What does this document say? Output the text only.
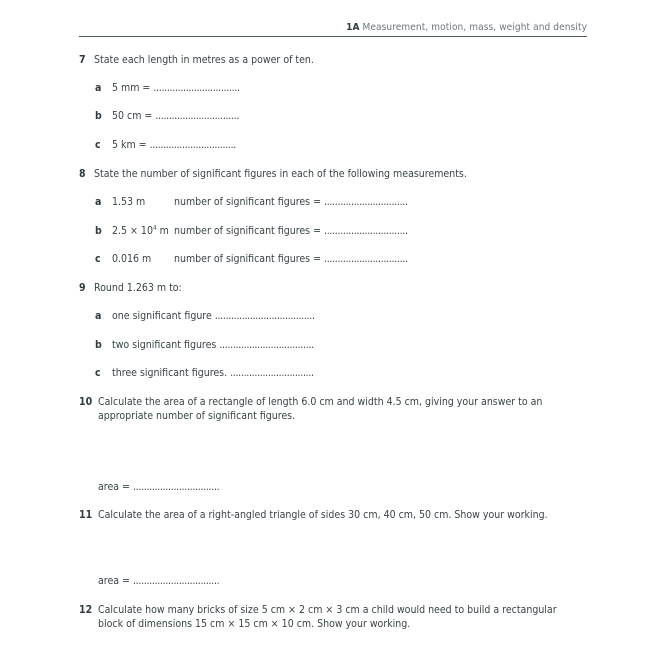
1A Measurement, motion, mass, weight and density
7 State each length in metres as a power of ten.
a 5 mm = ................................
b 50 cm = ...............................
c 5 km = ................................
8 State the number of significant figures in each of the following measurements.
a 1.53 m	number of significant figures = ...............................
b $2.5 \times 10^4$ m number of significant figures = ...............................
c 0.016 m number of significant figures = ...............................
9 Round 1.263 m to:
a one significant figure .....................................
b two significant figures ...................................
c three significant figures. ...............................
10 Calculate the area of a rectangle of length 6.0 cm and width 4.5 cm, giving your answer to an
appropriate number of significant figures.
area = ................................
11 Calculate the area of a right-angled triangle of sides 30 cm, 40 cm, 50 cm. Show your working.
area = ................................
12 Calculate how many bricks of size 5 cm × 2 cm × 3 cm a child would need to build a rectangular
block of dimensions 15 cm × 15 cm × 10 cm. Show your working.
